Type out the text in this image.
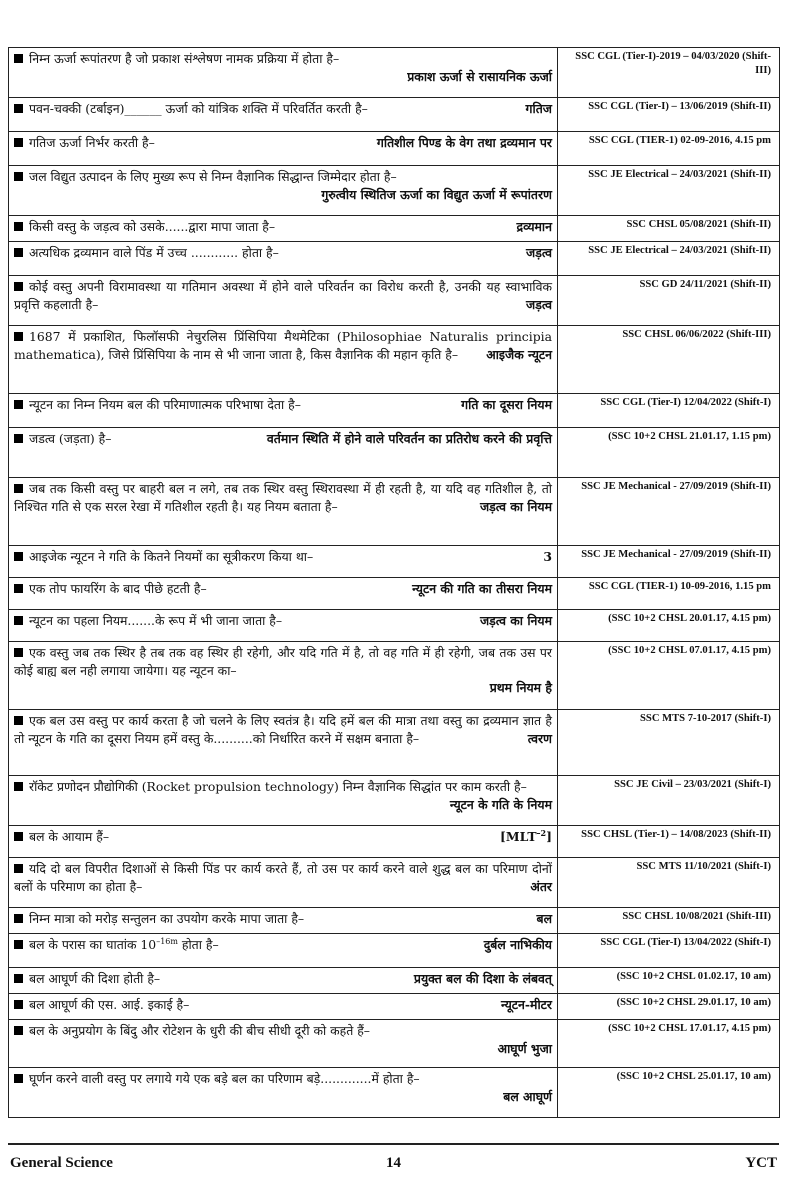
निम्न ऊर्जा रूपांतरण है जो प्रकाश संश्लेषण नामक प्रक्रिया में होता है–
प्रकाश ऊर्जा से रासायनिक ऊर्जा	SSC CGL (Tier-I)-2019 – 04/03/2020 (Shift-III)
पवन-चक्की (टर्बाइन)______ ऊर्जा को यांत्रिक शक्ति में परिवर्तित करती है– गतिज	SSC CGL (Tier-I) – 13/06/2019 (Shift-II)
गतिज ऊर्जा निर्भर करती है– गतिशील पिण्ड के वेग तथा द्रव्यमान पर	SSC CGL (TIER-1) 02-09-2016, 4.15 pm
जल विद्युत उत्पादन के लिए मुख्य रूप से निम्न वैज्ञानिक सिद्धान्त जिम्मेदार होता है–
गुरुत्वीय स्थितिज ऊर्जा का विद्युत ऊर्जा में रूपांतरण	SSC JE Electrical – 24/03/2021 (Shift-II)
किसी वस्तु के जड़त्व को उसके......द्वारा मापा जाता है– द्रव्यमान	SSC CHSL 05/08/2021 (Shift-II)
अत्यधिक द्रव्यमान वाले पिंड में उच्च ............ होता है– जड़त्व	SSC JE Electrical – 24/03/2021 (Shift-II)
कोई वस्तु अपनी विरामावस्था या गतिमान अवस्था में होने वाले परिवर्तन का विरोध करती है, उनकी यह स्वाभाविक प्रवृत्ति कहलाती है– जड़त्व	SSC GD 24/11/2021 (Shift-II)
1687 में प्रकाशित, फिलॉसफी नेचुरलिस प्रिंसिपिया मैथमेटिका (Philosophiae Naturalis principia mathematica), जिसे प्रिंसिपिया के नाम से भी जाना जाता है, किस वैज्ञानिक की महान कृति है– आइजैक न्यूटन	SSC CHSL 06/06/2022 (Shift-III)
न्यूटन का निम्न नियम बल की परिमाणात्मक परिभाषा देता है– गति का दूसरा नियम	SSC CGL (Tier-I) 12/04/2022 (Shift-I)
जडत्व (जड़ता) है– वर्तमान स्थिति में होने वाले परिवर्तन का प्रतिरोध करने की प्रवृत्ति	(SSC 10+2 CHSL 21.01.17, 1.15 pm)
जब तक किसी वस्तु पर बाहरी बल न लगे, तब तक स्थिर वस्तु स्थिरावस्था में ही रहती है, या यदि वह गतिशील है, तो निश्चित गति से एक सरल रेखा में गतिशील रहती है। यह नियम बताता है– जड़त्व का नियम	SSC JE Mechanical - 27/09/2019 (Shift-II)
आइजेक न्यूटन ने गति के कितने नियमों का सूत्रीकरण किया था– 3	SSC JE Mechanical - 27/09/2019 (Shift-II)
एक तोप फायरिंग के बाद पीछे हटती है– न्यूटन की गति का तीसरा नियम	SSC CGL (TIER-1) 10-09-2016, 1.15 pm
न्यूटन का पहला नियम.......के रूप में भी जाना जाता है– जड़त्व का नियम	(SSC 10+2 CHSL 20.01.17, 4.15 pm)
एक वस्तु जब तक स्थिर है तब तक वह स्थिर ही रहेगी, और यदि गति में है, तो वह गति में ही रहेगी, जब तक उस पर कोई बाह्य बल नही लगाया जायेगा। यह न्यूटन का–
प्रथम नियम है	(SSC 10+2 CHSL 07.01.17, 4.15 pm)
एक बल उस वस्तु पर कार्य करता है जो चलने के लिए स्वतंत्र है। यदि हमें बल की मात्रा तथा वस्तु का द्रव्यमान ज्ञात है तो न्यूटन के गति का दूसरा नियम हमें वस्तु के..........को निर्धारित करने में सक्षम बनाता है– त्वरण	SSC MTS 7-10-2017 (Shift-I)
रॉकेट प्रणोदन प्रौद्योगिकी (Rocket propulsion technology) निम्न वैज्ञानिक सिद्धांत पर काम करती है–
न्यूटन के गति के नियम	SSC JE Civil – 23/03/2021 (Shift-I)
बल के आयाम हैं– $[MLT^{-2}]$	SSC CHSL (Tier-1) – 14/08/2023 (Shift-II)
यदि दो बल विपरीत दिशाओं से किसी पिंड पर कार्य करते हैं, तो उस पर कार्य करने वाले शुद्ध बल का परिमाण दोनों बलों के परिमाण का होता है– अंतर	SSC MTS 11/10/2021 (Shift-I)
निम्न मात्रा को मरोड़ सन्तुलन का उपयोग करके मापा जाता है– बल	SSC CHSL 10/08/2021 (Shift-III)
बल के परास का घातांक $10^{-16m}$ होता है– दुर्बल नाभिकीय	SSC CGL (Tier-I) 13/04/2022 (Shift-I)
बल आघूर्ण की दिशा होती है– प्रयुक्त बल की दिशा के लंबवत्	(SSC 10+2 CHSL 01.02.17, 10 am)
बल आघूर्ण की एस. आई. इकाई है– न्यूटन-मीटर	(SSC 10+2 CHSL 29.01.17, 10 am)
बल के अनुप्रयोग के बिंदु और रोटेशन के धुरी की बीच सीधी दूरी को कहते हैं–
आघूर्ण भुजा	(SSC 10+2 CHSL 17.01.17, 4.15 pm)
घूर्णन करने वाली वस्तु पर लगाये गये एक बड़े बल का परिणाम बड़े.............में होता है–
बल आघूर्ण	(SSC 10+2 CHSL 25.01.17, 10 am)
General Science	14	YCT
